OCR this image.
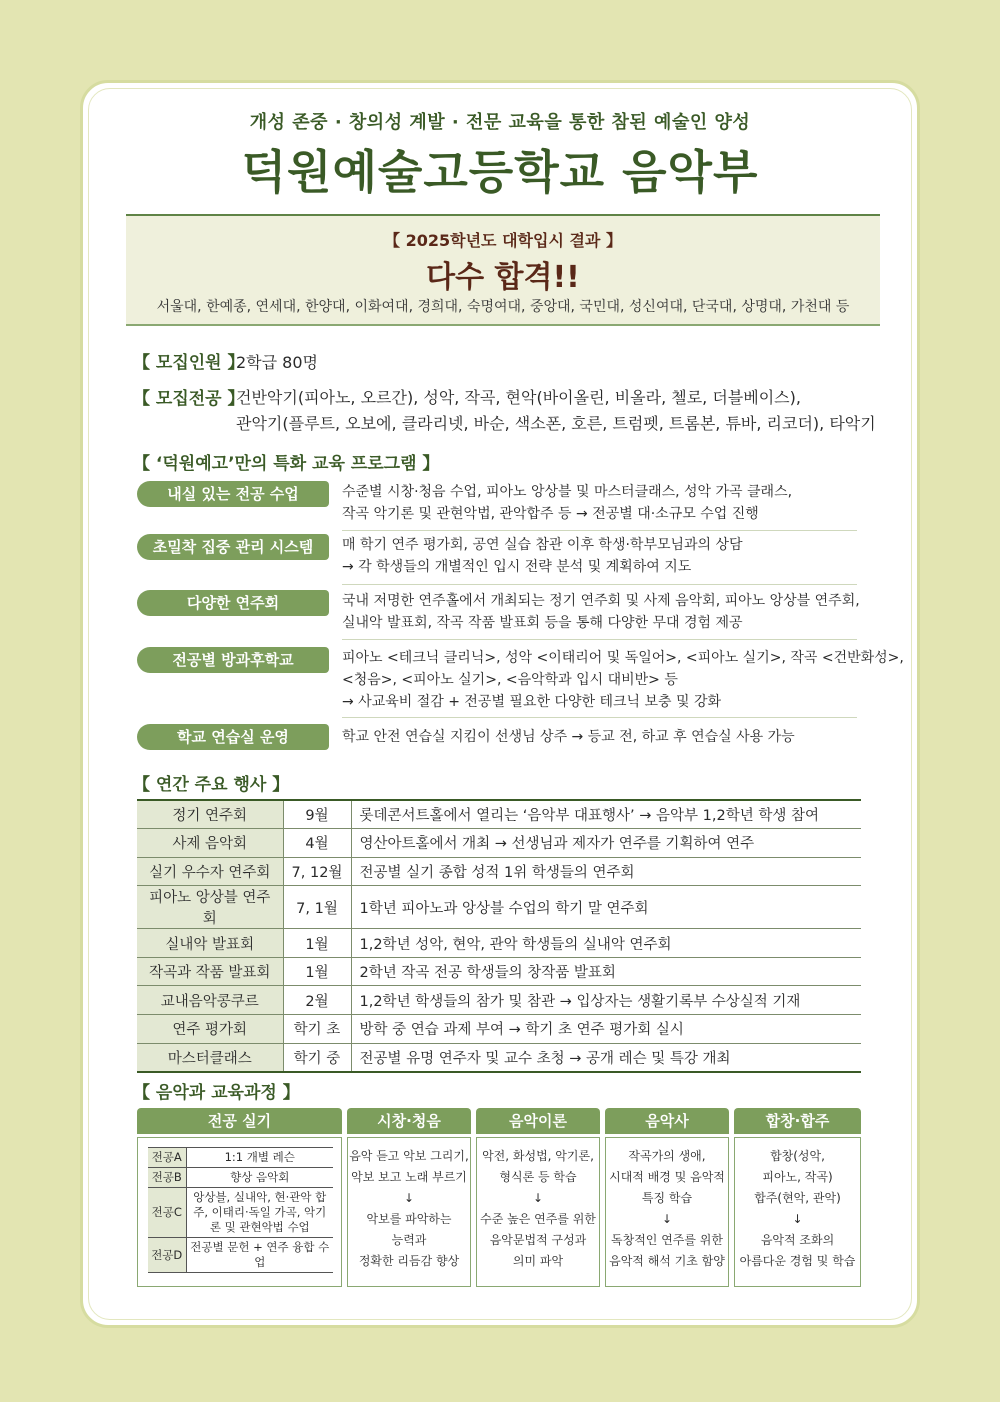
개성 존중 · 창의성 계발 · 전문 교육을 통한 참된 예술인 양성
덕원예술고등학교 음악부
【 2025학년도 대학입시 결과 】
다수 합격!!
서울대, 한예종, 연세대, 한양대, 이화여대, 경희대, 숙명여대, 중앙대, 국민대, 성신여대, 단국대, 상명대, 가천대 등
【 모집인원 】
2학급 80명
【 모집전공 】
건반악기(피아노, 오르간), 성악, 작곡, 현악(바이올린, 비올라, 첼로, 더블베이스),
관악기(플루트, 오보에, 클라리넷, 바순, 색소폰, 호른, 트럼펫, 트롬본, 튜바, 리코더), 타악기
【 ‘덕원예고’만의 특화 교육 프로그램 】
내실 있는 전공 수업	수준별 시창·청음 수업, 피아노 앙상블 및 마스터클래스, 성악 가곡 클래스,
작곡 악기론 및 관현악법, 관악합주 등 → 전공별 대·소규모 수업 진행
초밀착 집중 관리 시스템	매 학기 연주 평가회, 공연 실습 참관 이후 학생·학부모님과의 상담
→ 각 학생들의 개별적인 입시 전략 분석 및 계획하여 지도
다양한 연주회	국내 저명한 연주홀에서 개최되는 정기 연주회 및 사제 음악회, 피아노 앙상블 연주회,
실내악 발표회, 작곡 작품 발표회 등을 통해 다양한 무대 경험 제공
전공별 방과후학교	피아노 <테크닉 클리닉>, 성악 <이태리어 및 독일어>, <피아노 실기>, 작곡 <건반화성>,
<청음>, <피아노 실기>, <음악학과 입시 대비반> 등
→ 사교육비 절감 + 전공별 필요한 다양한 테크닉 보충 및 강화
학교 연습실 운영	학교 안전 연습실 지킴이 선생님 상주 → 등교 전, 하교 후 연습실 사용 가능
【 연간 주요 행사 】
정기 연주회	9월	롯데콘서트홀에서 열리는 ‘음악부 대표행사’ → 음악부 1,2학년 학생 참여
사제 음악회	4월	영산아트홀에서 개최 → 선생님과 제자가 연주를 기획하여 연주
실기 우수자 연주회	7, 12월	전공별 실기 종합 성적 1위 학생들의 연주회
피아노 앙상블 연주회	7, 1월	1학년 피아노과 앙상블 수업의 학기 말 연주회
실내악 발표회	1월	1,2학년 성악, 현악, 관악 학생들의 실내악 연주회
작곡과 작품 발표회	1월	2학년 작곡 전공 학생들의 창작품 발표회
교내음악콩쿠르	2월	1,2학년 학생들의 참가 및 참관 → 입상자는 생활기록부 수상실적 기재
연주 평가회	학기 초	방학 중 연습 과제 부여 → 학기 초 연주 평가회 실시
마스터클래스	학기 중	전공별 유명 연주자 및 교수 초청 → 공개 레슨 및 특강 개최
【 음악과 교육과정 】
전공 실기	시창·청음	음악이론	음악사	합창·합주
전공A	1:1 개별 레슨
전공B	향상 음악회
전공C	앙상블, 실내악, 현·관악 합주, 이태리·독일 가곡, 악기론 및 관현악법 수업
전공D	전공별 문헌 + 연주 융합 수업
음악 듣고 악보 그리기,
악보 보고 노래 부르기
↓
악보를 파악하는
능력과
정확한 리듬감 향상
악전, 화성법, 악기론,
형식론 등 학습
↓
수준 높은 연주를 위한
음악문법적 구성과
의미 파악
작곡가의 생애,
시대적 배경 및 음악적
특징 학습
↓
독창적인 연주를 위한
음악적 해석 기초 함양
합창(성악,
피아노, 작곡)
합주(현악, 관악)
↓
음악적 조화의
아름다운 경험 및 학습
